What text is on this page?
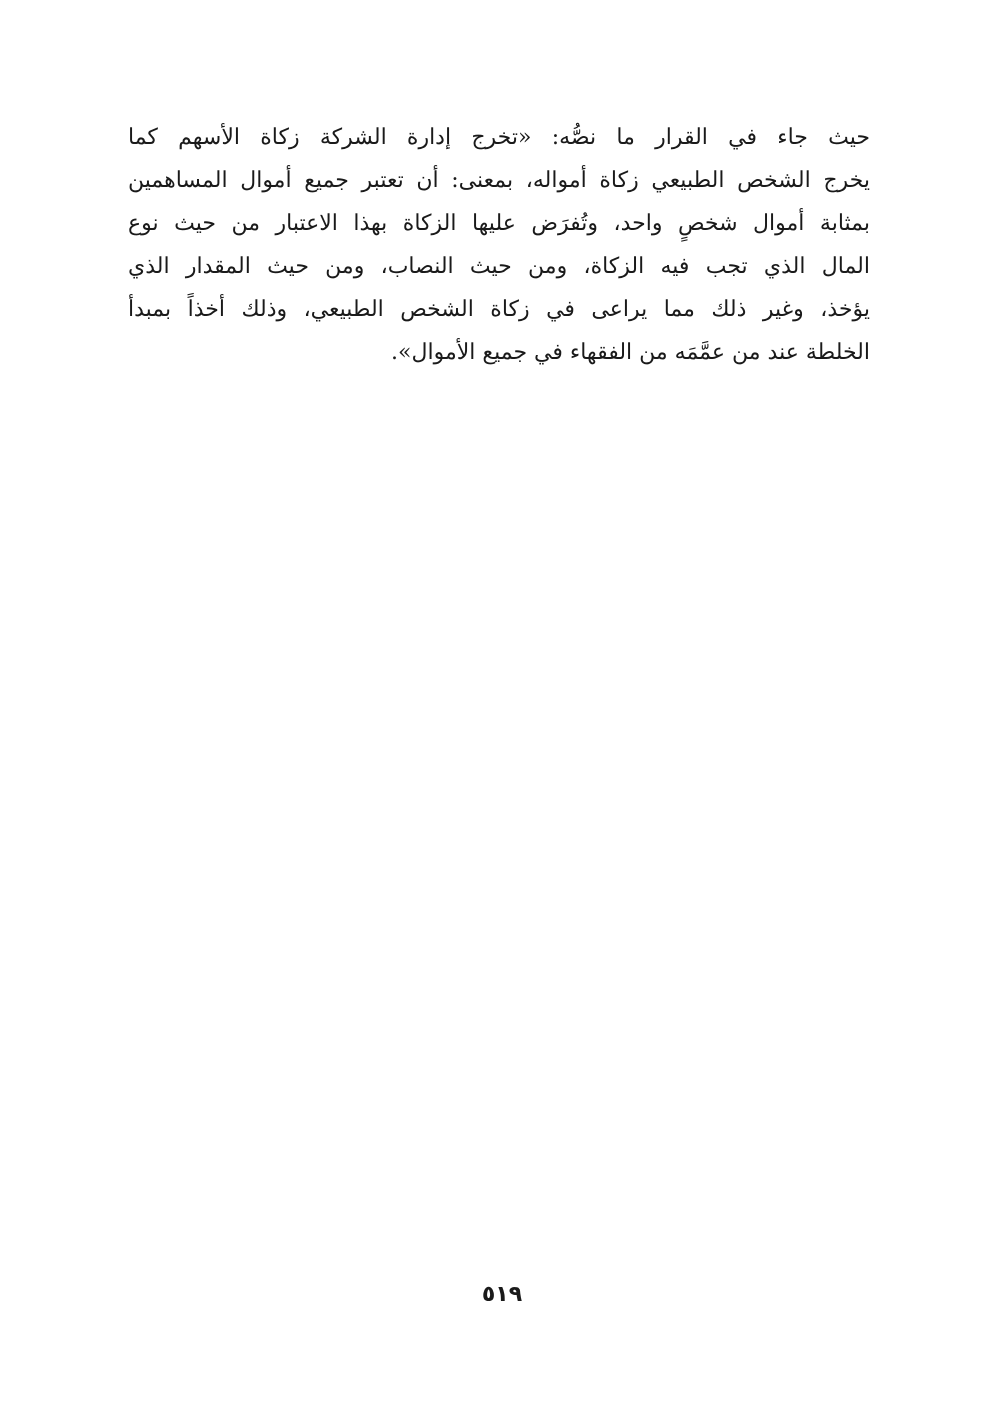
حيث جاء في القرار ما نصُّه: «تخرج إدارة الشركة زكاة الأسهم كما
يخرج الشخص الطبيعي زكاة أمواله، بمعنى: أن تعتبر جميع أموال المساهمين
بمثابة أموال شخصٍ واحد، وتُفرَض عليها الزكاة بهذا الاعتبار من حيث نوع
المال الذي تجب فيه الزكاة، ومن حيث النصاب، ومن حيث المقدار الذي
يؤخذ، وغير ذلك مما يراعى في زكاة الشخص الطبيعي، وذلك أخذاً بمبدأ
الخلطة عند من عمَّمَه من الفقهاء في جميع الأموال».
٥١٩
